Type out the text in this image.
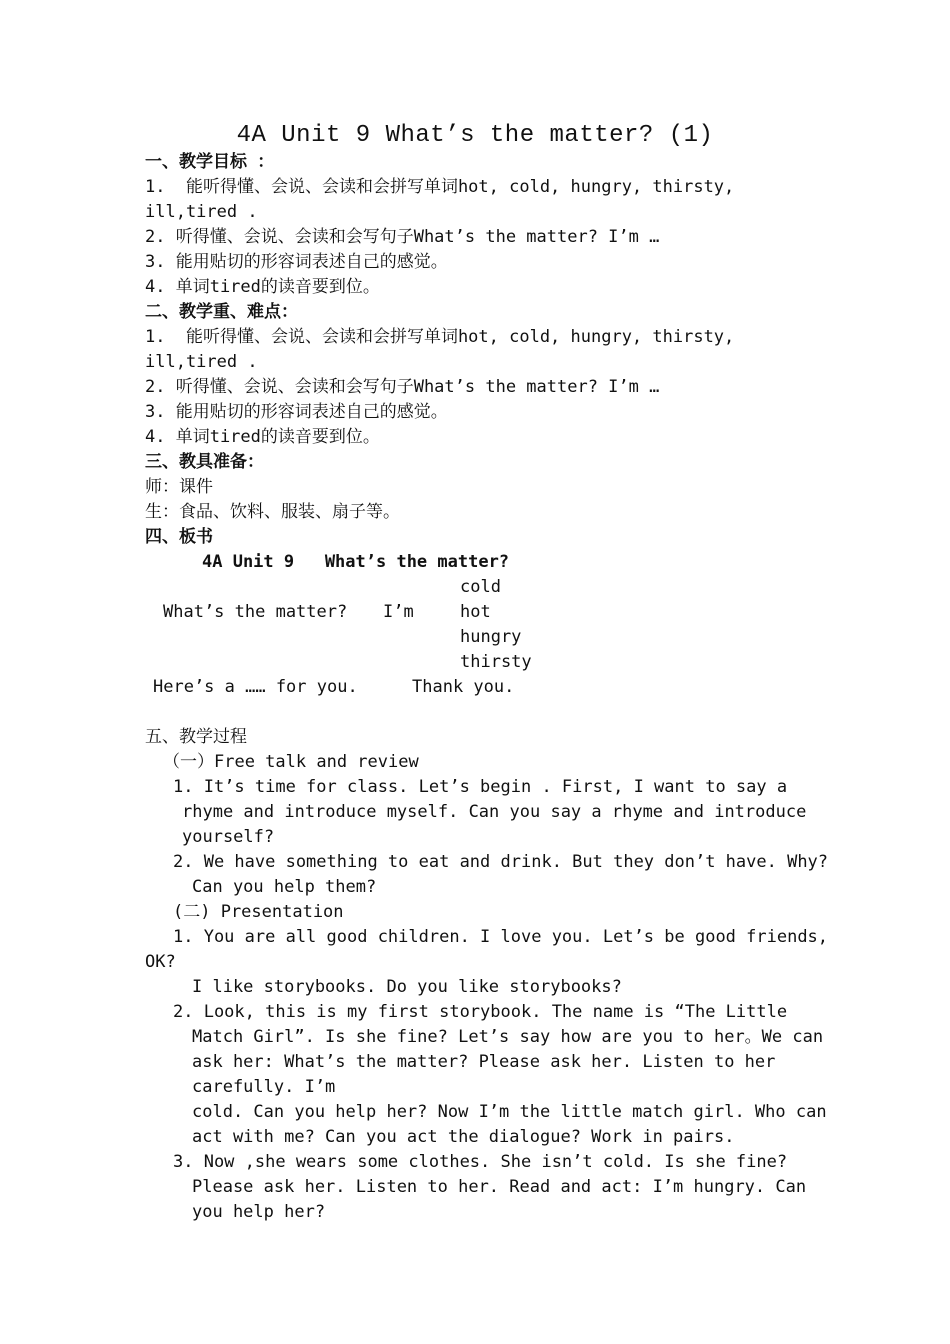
4A Unit 9 What’s the matter? (1)
一、教学目标 ：
1.  能听得懂、会说、会读和会拼写单词hot, cold, hungry, thirsty,
ill,tired .
2. 听得懂、会说、会读和会写句子What’s the matter? I’m …
3. 能用贴切的形容词表述自己的感觉。
4. 单词tired的读音要到位。
二、教学重、难点：
1.  能听得懂、会说、会读和会拼写单词hot, cold, hungry, thirsty,
ill,tired .
2. 听得懂、会说、会读和会写句子What’s the matter? I’m …
3. 能用贴切的形容词表述自己的感觉。
4. 单词tired的读音要到位。
三、教具准备：
师：课件
生：食品、饮料、服装、扇子等。
四、板书
4A Unit 9   What’s the matter?
cold
What’s the matter? I’m	hot
hungry
thirsty
Here’s a …… for you.	Thank you.
五、教学过程
（一）Free talk and review
1. It’s time for class. Let’s begin . First, I want to say a
rhyme and introduce myself. Can you say a rhyme and introduce
yourself?
2. We have something to eat and drink. But they don’t have. Why?
Can you help them?
(二) Presentation
1. You are all good children. I love you. Let’s be good friends,
OK?
I like storybooks. Do you like storybooks?
2. Look, this is my first storybook. The name is “The Little
Match Girl”. Is she fine? Let’s say how are you to her。We can
ask her: What’s the matter? Please ask her. Listen to her
carefully. I’m
cold. Can you help her? Now I’m the little match girl. Who can
act with me? Can you act the dialogue? Work in pairs.
3. Now ,she wears some clothes. She isn’t cold. Is she fine?
Please ask her. Listen to her. Read and act: I’m hungry. Can
you help her?
